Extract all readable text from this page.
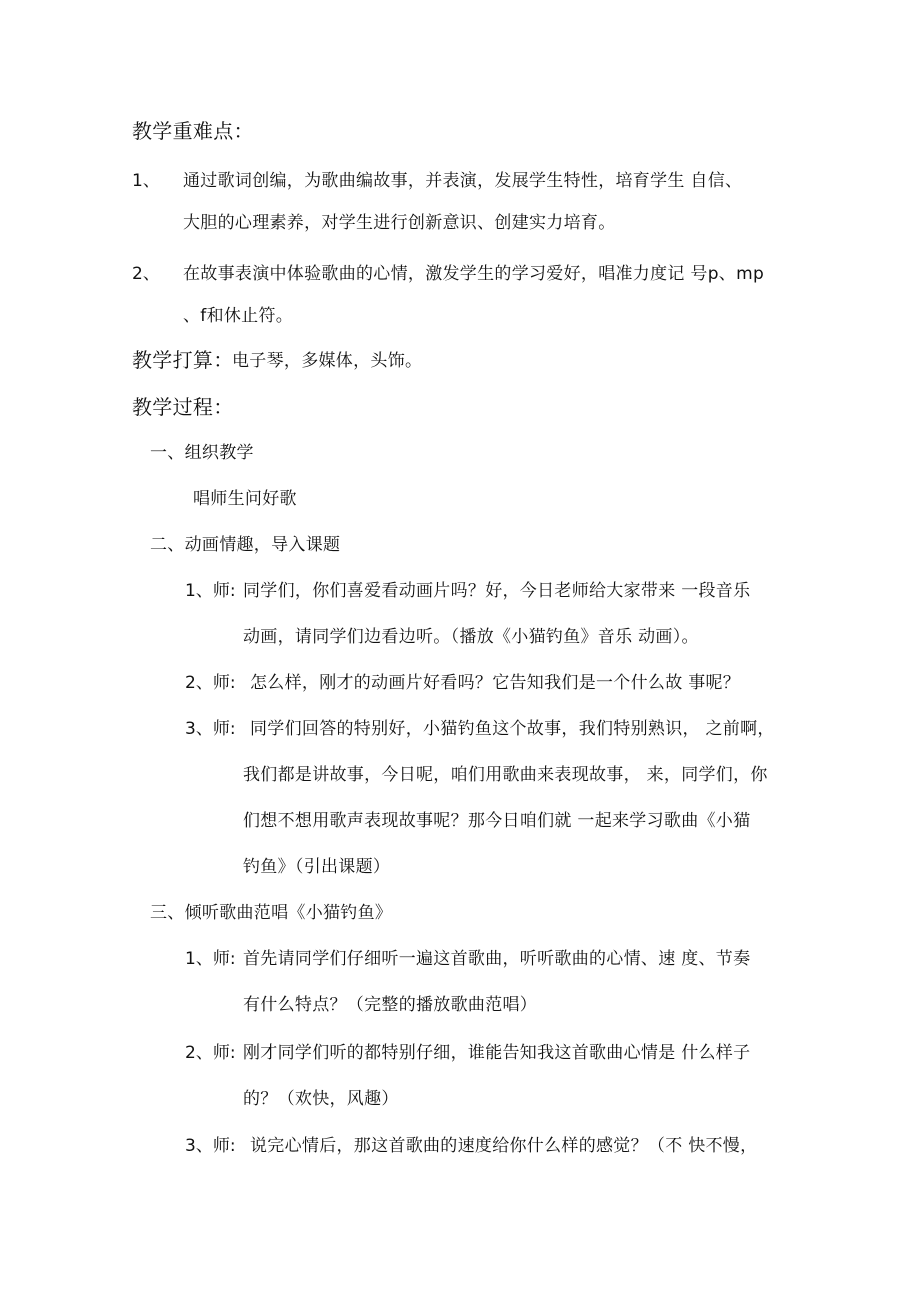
教学重难点：
1、 通过歌词创编，为歌曲编故事，并表演，发展学生特性，培育学生 自信、
大胆的心理素养，对学生进行创新意识、创建实力培育。
2、 在故事表演中体验歌曲的心情，激发学生的学习爱好，唱准力度记 号p、mp
、f和休止符。
教学打算：
电子琴，多媒体，头饰。
教学过程：
一、组织教学
唱师生问好歌
二、动画情趣，导入课题
1、师: 同学们，你们喜爱看动画片吗？好，今日老师给大家带来 一段音乐
动画，请同学们边看边听。（播放《小猫钓鱼》音乐 动画）。
2、师: 怎么样，刚才的动画片好看吗？它告知我们是一个什么故 事呢？
3、师: 同学们回答的特别好，小猫钓鱼这个故事，我们特别熟识， 之前啊，
我们都是讲故事，今日呢，咱们用歌曲来表现故事， 来，同学们，你
们想不想用歌声表现故事呢？那今日咱们就 一起来学习歌曲《小猫
钓鱼》（引出课题）
三、倾听歌曲范唱《小猫钓鱼》
1、师: 首先请同学们仔细听一遍这首歌曲，听听歌曲的心情、速 度、节奏
有什么特点？（完整的播放歌曲范唱）
2、师: 刚才同学们听的都特别仔细，谁能告知我这首歌曲心情是 什么样子
的？（欢快，风趣）
3、师: 说完心情后，那这首歌曲的速度给你什么样的感觉？（不 快不慢，
